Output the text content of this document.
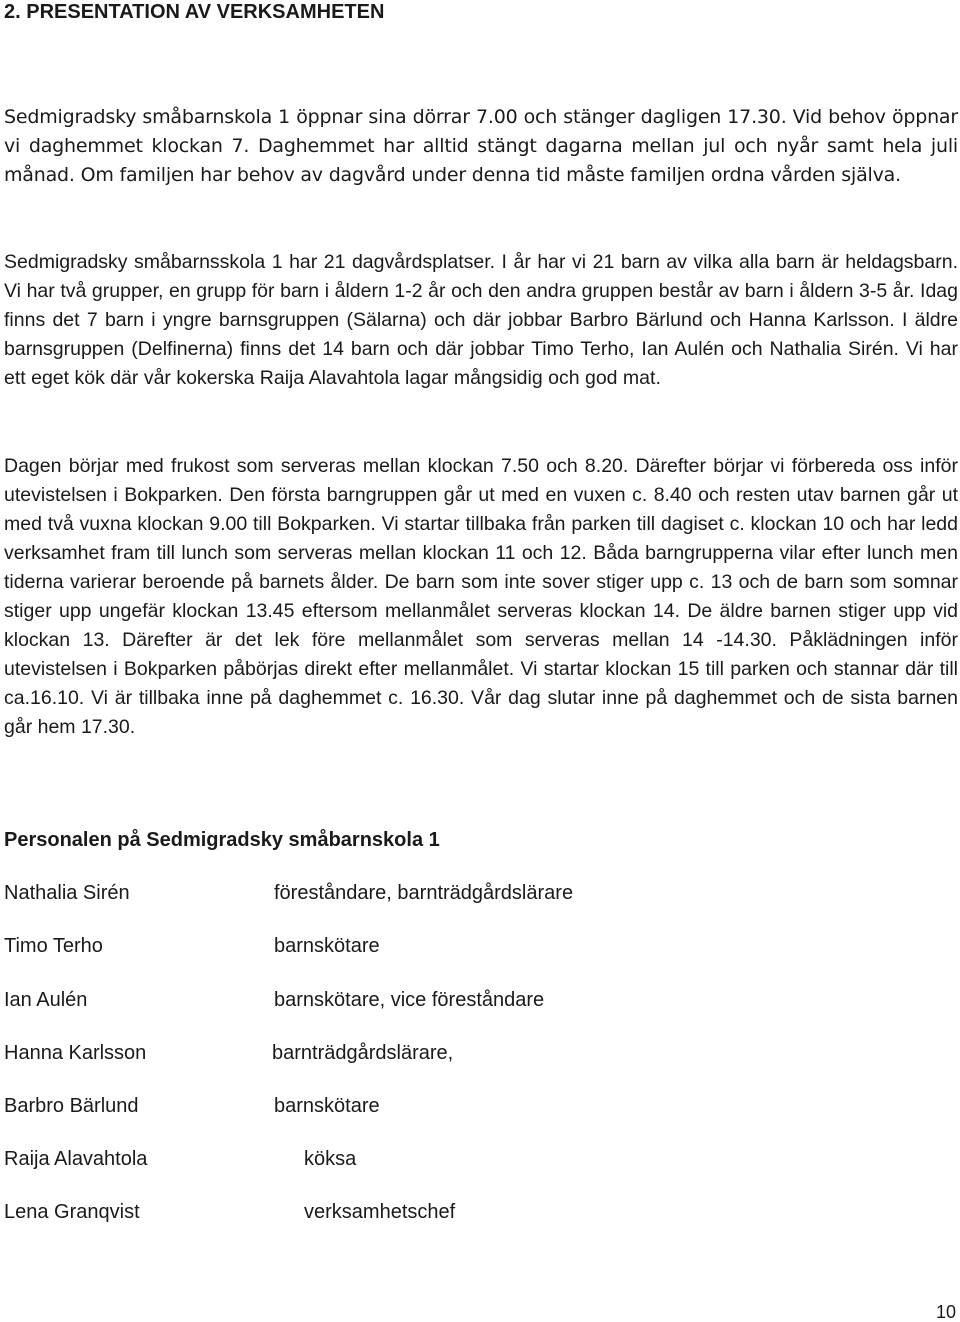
2. PRESENTATION AV VERKSAMHETEN

Sedmigradsky småbarnskola 1 öppnar sina dörrar 7.00 och stänger dagligen 17.30. Vid behov öppnar vi daghemmet klockan 7. Daghemmet har alltid stängt dagarna mellan jul och nyår samt hela juli månad. Om familjen har behov av dagvård under denna tid måste familjen ordna vården själva.

Sedmigradsky småbarnsskola 1 har 21 dagvårdsplatser. I år har vi 21 barn av vilka alla barn är heldagsbarn. Vi har två grupper, en grupp för barn i åldern 1-2 år och den andra gruppen består av barn i åldern 3-5 år. Idag finns det 7 barn i yngre barnsgruppen (Sälarna) och där jobbar Barbro Bärlund och Hanna Karlsson. I äldre barnsgruppen (Delfinerna) finns det 14 barn och där jobbar Timo Terho, Ian Aulén och Nathalia Sirén. Vi har ett eget kök där vår kokerska Raija Alavahtola lagar mångsidig och god mat.

Dagen börjar med frukost som serveras mellan klockan 7.50 och 8.20. Därefter börjar vi förbereda oss inför utevistelsen i Bokparken. Den första barngruppen går ut med en vuxen c. 8.40 och resten utav barnen går ut med två vuxna klockan 9.00 till Bokparken. Vi startar tillbaka från parken till dagiset c. klockan 10 och har ledd verksamhet fram till lunch som serveras mellan klockan 11 och 12. Båda barngrupperna vilar efter lunch men tiderna varierar beroende på barnets ålder. De barn som inte sover stiger upp c. 13 och de barn som somnar stiger upp ungefär klockan 13.45 eftersom mellanmålet serveras klockan 14. De äldre barnen stiger upp vid klockan 13. Därefter är det lek före mellanmålet som serveras mellan 14 -14.30. Påklädningen inför utevistelsen i Bokparken påbörjas direkt efter mellanmålet. Vi startar klockan 15 till parken och stannar där till ca.16.10. Vi är tillbaka inne på daghemmet c. 16.30. Vår dag slutar inne på daghemmet och de sista barnen går hem 17.30.

Personalen på Sedmigradsky småbarnskola 1
Nathalia Sirén	föreståndare, barnträdgårdslärare
Timo Terho	barnskötare
Ian Aulén	barnskötare, vice föreståndare
Hanna Karlsson	barnträdgårdslärare,
Barbro Bärlund	barnskötare
Raija Alavahtola	köksa
Lena Granqvist	verksamhetschef
10
